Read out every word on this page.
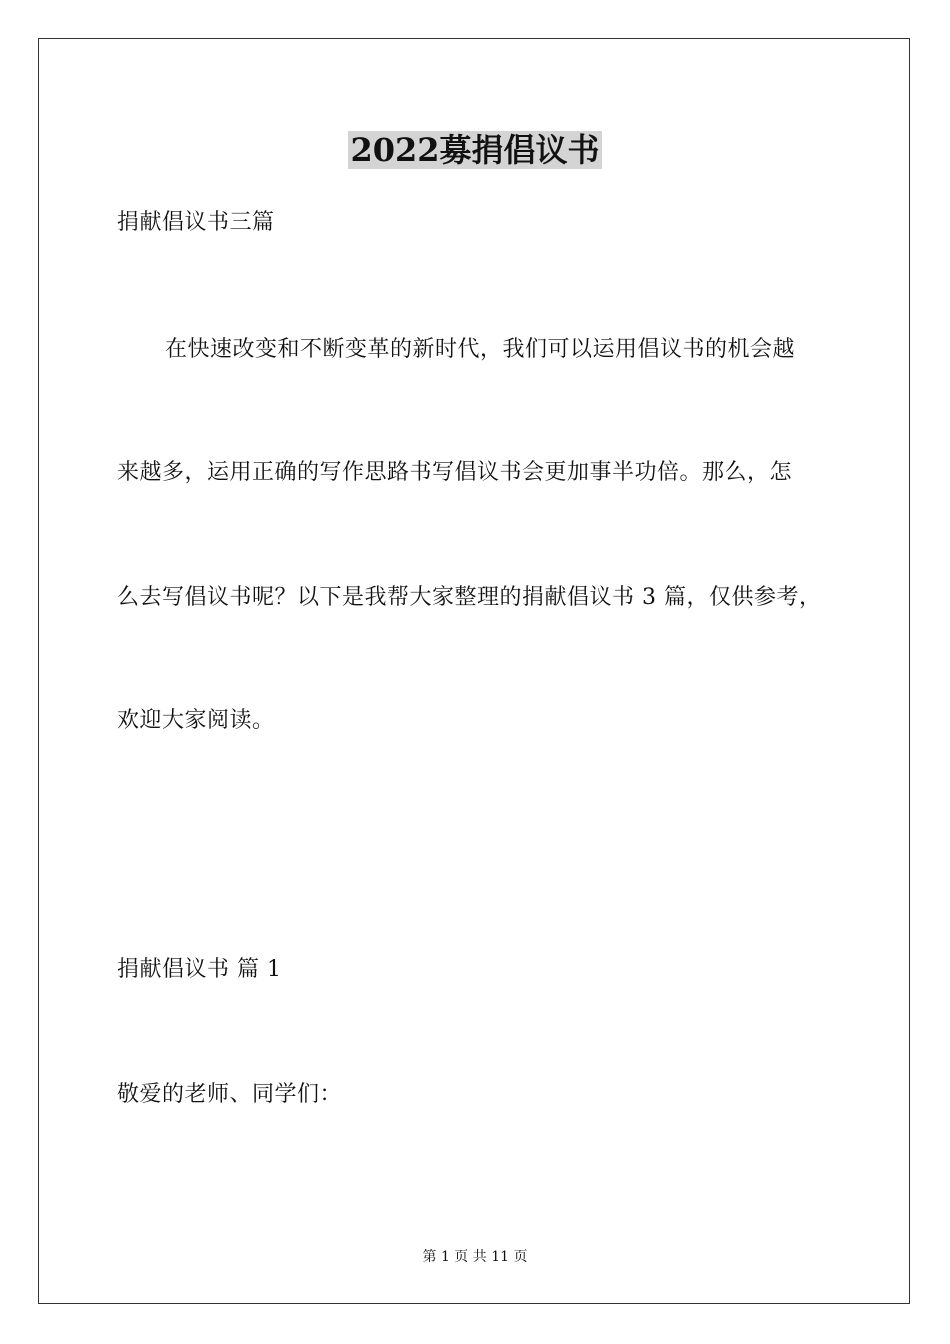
2022募捐倡议书
捐献倡议书三篇
在快速改变和不断变革的新时代，我们可以运用倡议书的机会越
来越多，运用正确的写作思路书写倡议书会更加事半功倍。那么，怎
么去写倡议书呢？以下是我帮大家整理的捐献倡议书 3 篇，仅供参考，
欢迎大家阅读。
捐献倡议书 篇 1
敬爱的老师、同学们：
第 1 页 共 11 页
